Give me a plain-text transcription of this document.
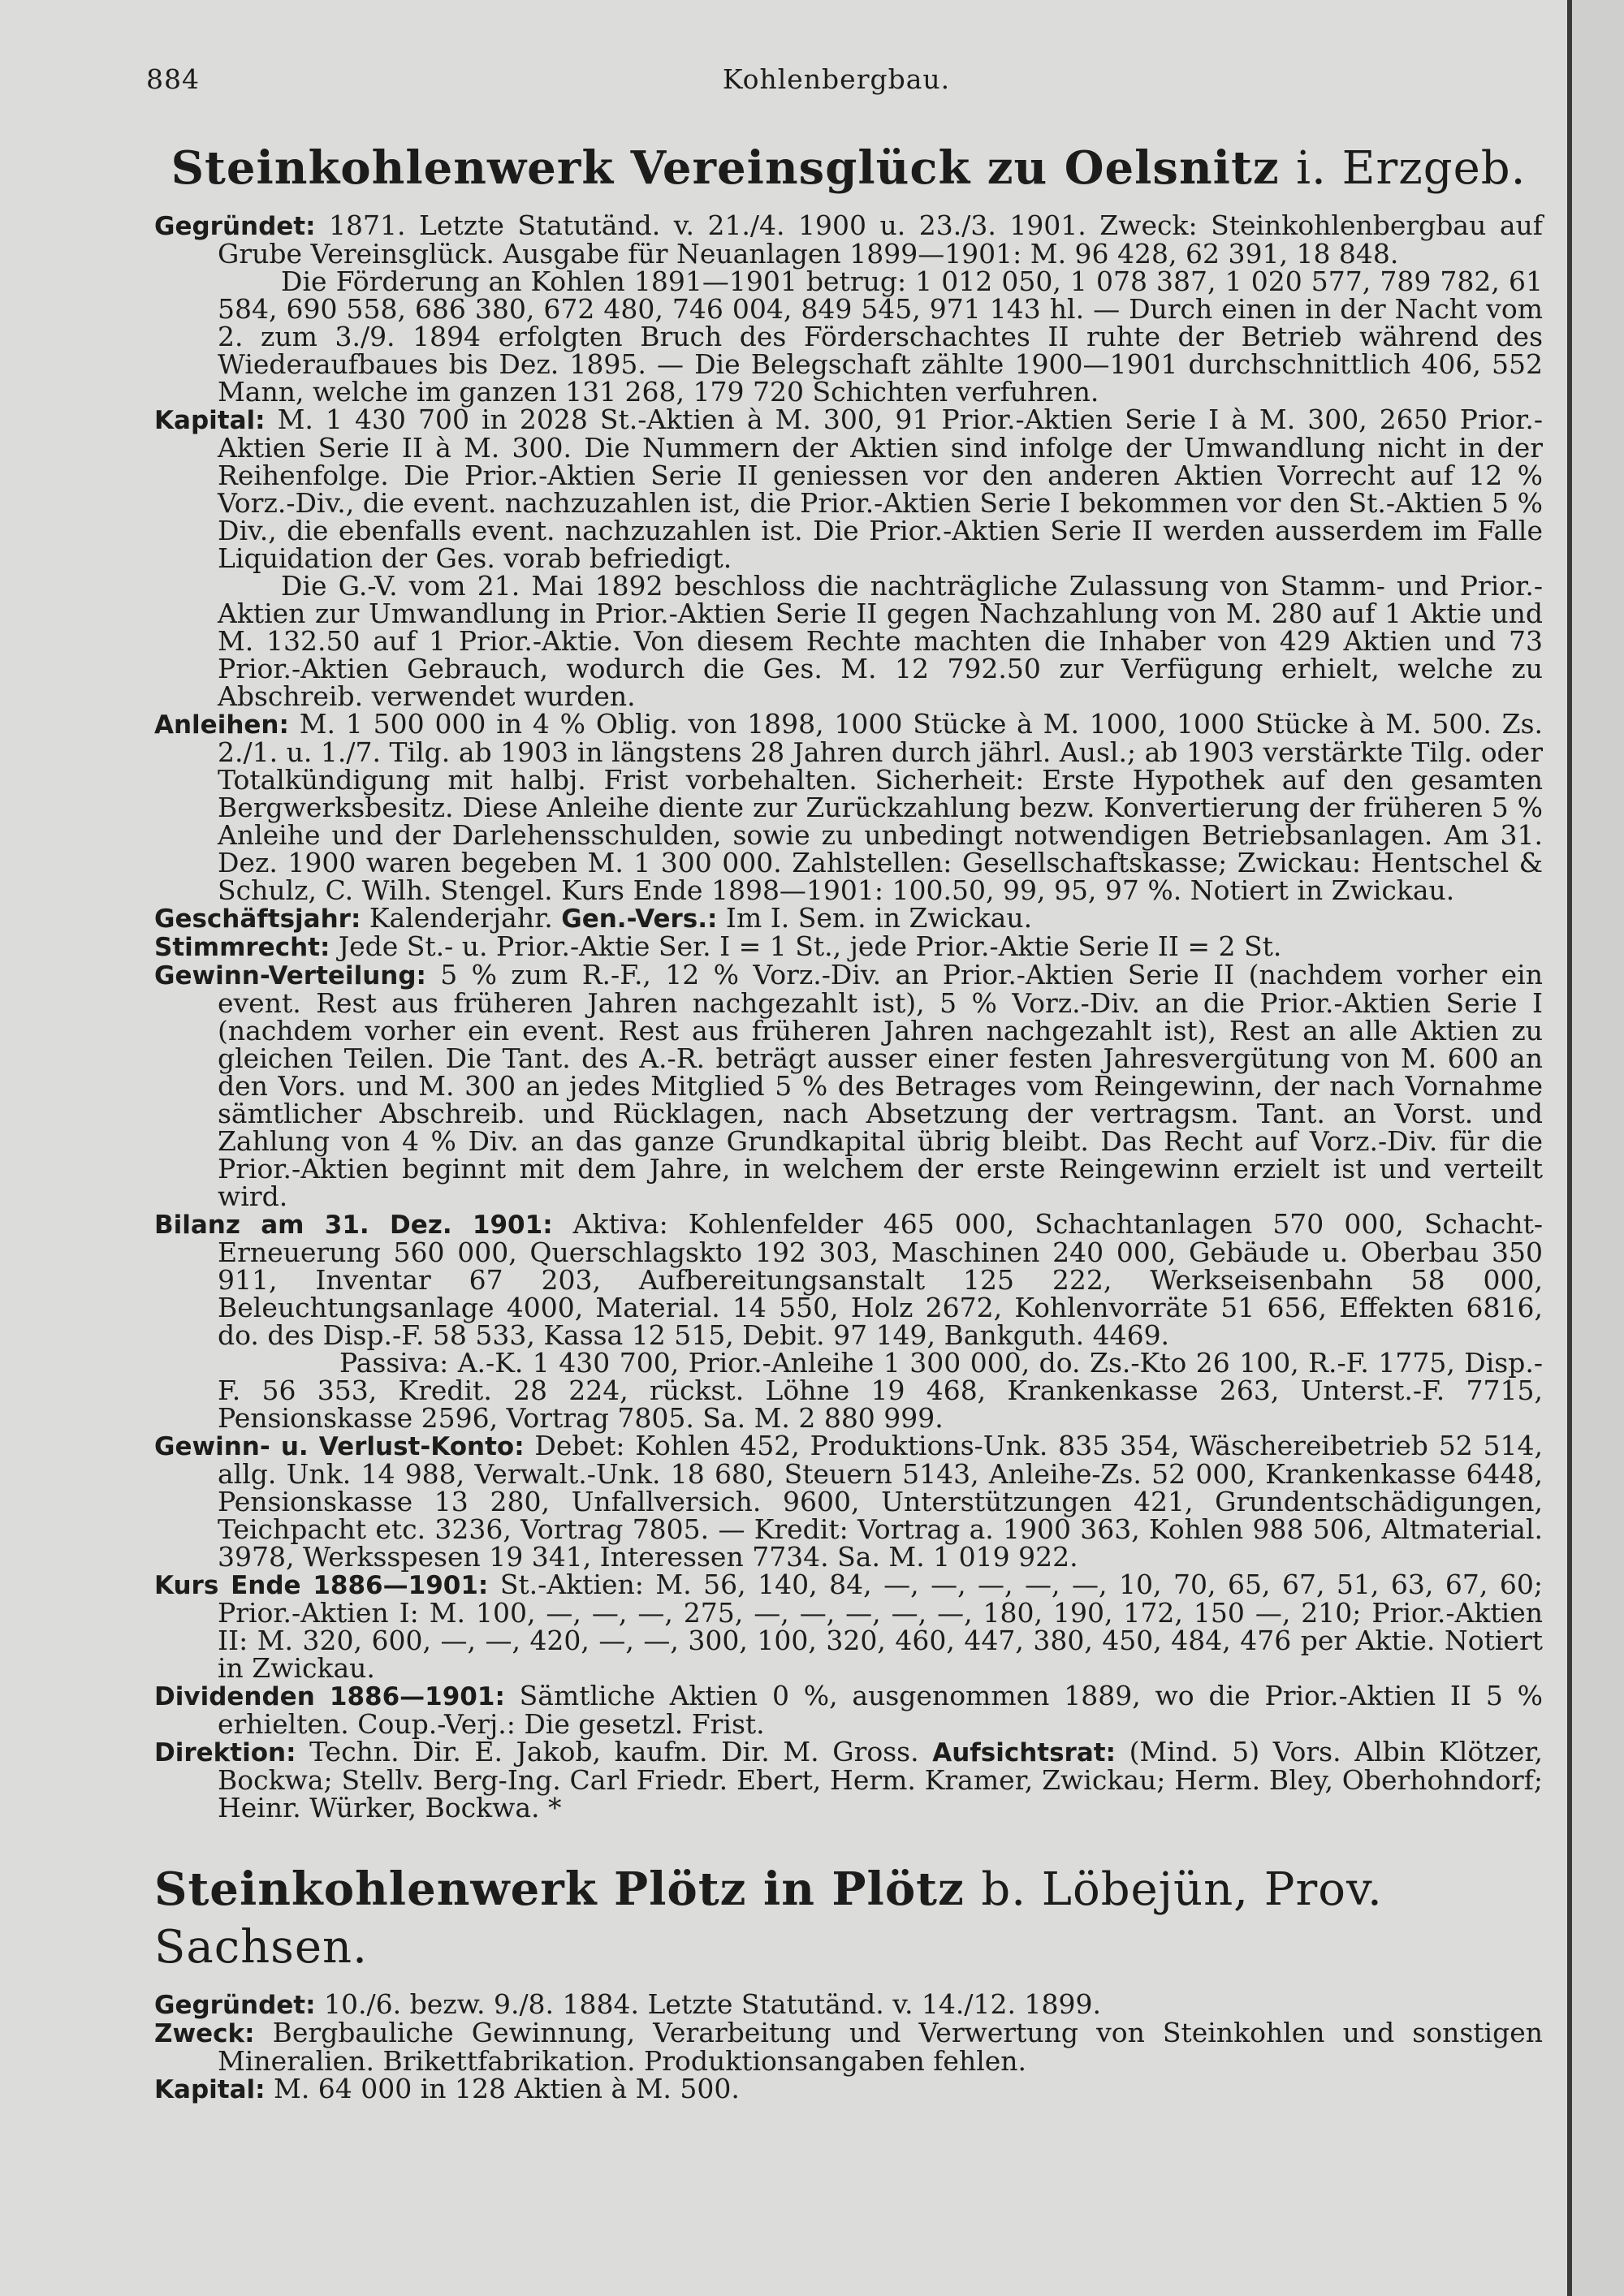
884	Kohlenbergbau.
Steinkohlenwerk Vereinsglück zu Oelsnitz i. Erzgeb.

Gegründet: 1871. Letzte Statutänd. v. 21./4. 1900 u. 23./3. 1901. Zweck: Steinkohlenbergbau auf Grube Vereinsglück. Ausgabe für Neuanlagen 1899—1901: M. 96 428, 62 391, 18 848.

Die Förderung an Kohlen 1891—1901 betrug: 1 012 050, 1 078 387, 1 020 577, 789 782, 61 584, 690 558, 686 380, 672 480, 746 004, 849 545, 971 143 hl. — Durch einen in der Nacht vom 2. zum 3./9. 1894 erfolgten Bruch des Förderschachtes II ruhte der Betrieb während des Wiederaufbaues bis Dez. 1895. — Die Belegschaft zählte 1900—1901 durchschnittlich 406, 552 Mann, welche im ganzen 131 268, 179 720 Schichten verfuhren.

Kapital: M. 1 430 700 in 2028 St.-Aktien à M. 300, 91 Prior.-Aktien Serie I à M. 300, 2650 Prior.-Aktien Serie II à M. 300. Die Nummern der Aktien sind infolge der Umwandlung nicht in der Reihenfolge. Die Prior.-Aktien Serie II geniessen vor den anderen Aktien Vorrecht auf 12 % Vorz.-Div., die event. nachzuzahlen ist, die Prior.-Aktien Serie I bekommen vor den St.-Aktien 5 % Div., die ebenfalls event. nachzuzahlen ist. Die Prior.-Aktien Serie II werden ausserdem im Falle Liquidation der Ges. vorab befriedigt.

Die G.-V. vom 21. Mai 1892 beschloss die nachträgliche Zulassung von Stamm- und Prior.-Aktien zur Umwandlung in Prior.-Aktien Serie II gegen Nachzahlung von M. 280 auf 1 Aktie und M. 132.50 auf 1 Prior.-Aktie. Von diesem Rechte machten die Inhaber von 429 Aktien und 73 Prior.-Aktien Gebrauch, wodurch die Ges. M. 12 792.50 zur Verfügung erhielt, welche zu Abschreib. verwendet wurden.

Anleihen: M. 1 500 000 in 4 % Oblig. von 1898, 1000 Stücke à M. 1000, 1000 Stücke à M. 500. Zs. 2./1. u. 1./7. Tilg. ab 1903 in längstens 28 Jahren durch jährl. Ausl.; ab 1903 verstärkte Tilg. oder Totalkündigung mit halbj. Frist vorbehalten. Sicherheit: Erste Hypothek auf den gesamten Bergwerksbesitz. Diese Anleihe diente zur Zurückzahlung bezw. Konvertierung der früheren 5 % Anleihe und der Darlehensschulden, sowie zu unbedingt notwendigen Betriebsanlagen. Am 31. Dez. 1900 waren begeben M. 1 300 000. Zahlstellen: Gesellschaftskasse; Zwickau: Hentschel & Schulz, C. Wilh. Stengel. Kurs Ende 1898—1901: 100.50, 99, 95, 97 %. Notiert in Zwickau.

Geschäftsjahr: Kalenderjahr. Gen.-Vers.: Im I. Sem. in Zwickau.

Stimmrecht: Jede St.- u. Prior.-Aktie Ser. I = 1 St., jede Prior.-Aktie Serie II = 2 St.

Gewinn-Verteilung: 5 % zum R.-F., 12 % Vorz.-Div. an Prior.-Aktien Serie II (nachdem vorher ein event. Rest aus früheren Jahren nachgezahlt ist), 5 % Vorz.-Div. an die Prior.-Aktien Serie I (nachdem vorher ein event. Rest aus früheren Jahren nachgezahlt ist), Rest an alle Aktien zu gleichen Teilen. Die Tant. des A.-R. beträgt ausser einer festen Jahresvergütung von M. 600 an den Vors. und M. 300 an jedes Mitglied 5 % des Betrages vom Reingewinn, der nach Vornahme sämtlicher Abschreib. und Rücklagen, nach Absetzung der vertragsm. Tant. an Vorst. und Zahlung von 4 % Div. an das ganze Grundkapital übrig bleibt. Das Recht auf Vorz.-Div. für die Prior.-Aktien beginnt mit dem Jahre, in welchem der erste Reingewinn erzielt ist und verteilt wird.

Bilanz am 31. Dez. 1901: Aktiva: Kohlenfelder 465 000, Schachtanlagen 570 000, Schacht-Erneuerung 560 000, Querschlagskto 192 303, Maschinen 240 000, Gebäude u. Oberbau 350 911, Inventar 67 203, Aufbereitungsanstalt 125 222, Werkseisenbahn 58 000, Beleuchtungsanlage 4000, Material. 14 550, Holz 2672, Kohlenvorräte 51 656, Effekten 6816, do. des Disp.-F. 58 533, Kassa 12 515, Debit. 97 149, Bankguth. 4469.

Passiva: A.-K. 1 430 700, Prior.-Anleihe 1 300 000, do. Zs.-Kto 26 100, R.-F. 1775, Disp.-F. 56 353, Kredit. 28 224, rückst. Löhne 19 468, Krankenkasse 263, Unterst.-F. 7715, Pensionskasse 2596, Vortrag 7805. Sa. M. 2 880 999.

Gewinn- u. Verlust-Konto: Debet: Kohlen 452, Produktions-Unk. 835 354, Wäschereibetrieb 52 514, allg. Unk. 14 988, Verwalt.-Unk. 18 680, Steuern 5143, Anleihe-Zs. 52 000, Krankenkasse 6448, Pensionskasse 13 280, Unfallversich. 9600, Unterstützungen 421, Grundentschädigungen, Teichpacht etc. 3236, Vortrag 7805. — Kredit: Vortrag a. 1900 363, Kohlen 988 506, Altmaterial. 3978, Werksspesen 19 341, Interessen 7734. Sa. M. 1 019 922.

Kurs Ende 1886—1901: St.-Aktien: M. 56, 140, 84, —, —, —, —, —, 10, 70, 65, 67, 51, 63, 67, 60; Prior.-Aktien I: M. 100, —, —, —, 275, —, —, —, —, —, 180, 190, 172, 150 —, 210; Prior.-Aktien II: M. 320, 600, —, —, 420, —, —, 300, 100, 320, 460, 447, 380, 450, 484, 476 per Aktie. Notiert in Zwickau.

Dividenden 1886—1901: Sämtliche Aktien 0 %, ausgenommen 1889, wo die Prior.-Aktien II 5 % erhielten. Coup.-Verj.: Die gesetzl. Frist.

Direktion: Techn. Dir. E. Jakob, kaufm. Dir. M. Gross. Aufsichtsrat: (Mind. 5) Vors. Albin Klötzer, Bockwa; Stellv. Berg-Ing. Carl Friedr. Ebert, Herm. Kramer, Zwickau; Herm. Bley, Oberhohndorf; Heinr. Würker, Bockwa. *

Steinkohlenwerk Plötz in Plötz b. Löbejün, Prov. Sachsen.

Gegründet: 10./6. bezw. 9./8. 1884. Letzte Statutänd. v. 14./12. 1899.

Zweck: Bergbauliche Gewinnung, Verarbeitung und Verwertung von Steinkohlen und sonstigen Mineralien. Brikettfabrikation. Produktionsangaben fehlen.

Kapital: M. 64 000 in 128 Aktien à M. 500.
